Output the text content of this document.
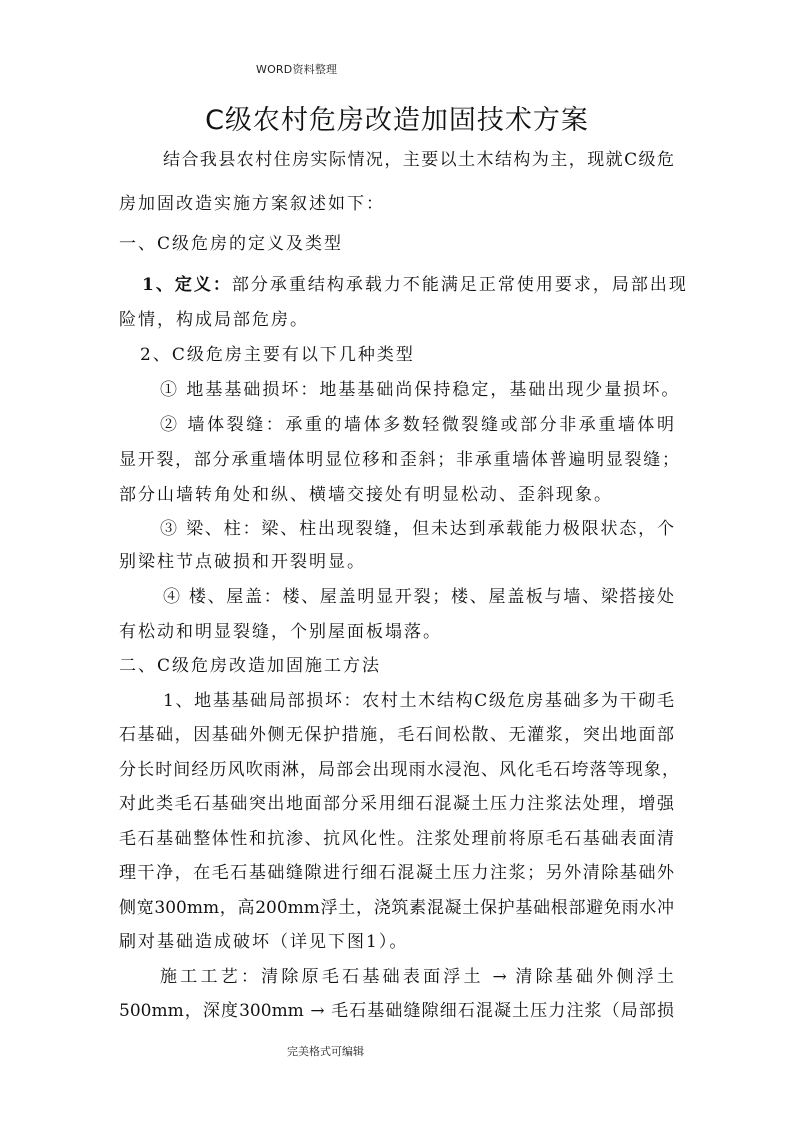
WORD资料整理
C级农村危房改造加固技术方案
结合我县农村住房实际情况，主要以土木结构为主，现就C级危
房加固改造实施方案叙述如下：
一、C级危房的定义及类型
1、定义：部分承重结构承载力不能满足正常使用要求，局部出现
险情，构成局部危房。
2、C级危房主要有以下几种类型
① 地基基础损坏：地基基础尚保持稳定，基础出现少量损坏。
② 墙体裂缝：承重的墙体多数轻微裂缝或部分非承重墙体明
显开裂，部分承重墙体明显位移和歪斜；非承重墙体普遍明显裂缝；
部分山墙转角处和纵、横墙交接处有明显松动、歪斜现象。
③ 梁、柱：梁、柱出现裂缝，但未达到承载能力极限状态，个
别梁柱节点破损和开裂明显。
④ 楼、屋盖：楼、屋盖明显开裂；楼、屋盖板与墙、梁搭接处
有松动和明显裂缝，个别屋面板塌落。
二、C级危房改造加固施工方法
1、地基基础局部损坏：农村土木结构C级危房基础多为干砌毛
石基础，因基础外侧无保护措施，毛石间松散、无灌浆，突出地面部
分长时间经历风吹雨淋，局部会出现雨水浸泡、风化毛石垮落等现象，
对此类毛石基础突出地面部分采用细石混凝土压力注浆法处理，增强
毛石基础整体性和抗渗、抗风化性。注浆处理前将原毛石基础表面清
理干净，在毛石基础缝隙进行细石混凝土压力注浆；另外清除基础外
侧宽300mm，高200mm浮土，浇筑素混凝土保护基础根部避免雨水冲
刷对基础造成破坏（详见下图1）。
施工工艺：清除原毛石基础表面浮土 → 清除基础外侧浮土
500mm，深度300mm → 毛石基础缝隙细石混凝土压力注浆（局部损
完美格式可编辑
